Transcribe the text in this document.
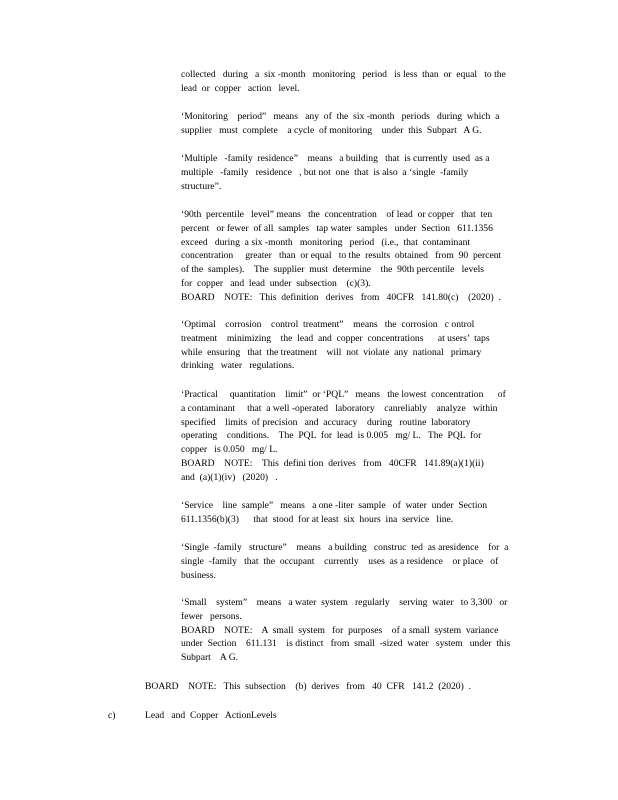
collected   during   a  six -month   monitoring   period   is less  than  or  equal   to the
lead  or  copper   action   level.
‘Monitoring    period”   means   any  of  the  six -month   periods   during  which  a
supplier   must  complete    a cycle  of monitoring    under  this  Subpart   A G.
‘Multiple   -family  residence”    means   a building   that  is currently  used  as a
multiple   -family   residence   , but not  one  that  is also  a ‘single  -family
structure”.
‘90th  percentile   level” means   the  concentration    of lead  or copper   that  ten
percent   or fewer  of all  samples   tap water  samples   under  Section   611.1356
exceed   during  a six -month   monitoring   period   (i.e.,  that  contaminant
concentration     greater   than  or equal   to the  results  obtained   from  90  percent
of the  samples).    The  supplier  must  determine    the  90th percentile   levels
for  copper   and  lead  under  subsection    (c)(3).
BOARD    NOTE:   This  definition   derives   from   40CFR   141.80(c)    (2020)  .
‘Optimal    corrosion    control  treatment”    means   the  corrosion   c ontrol
treatment    minimizing    the  lead  and  copper  concentrations      at users’  taps
while  ensuring   that  the treatment    will  not  violate  any  national   primary
drinking   water   regulations.
‘Practical     quantitation    limit”  or ‘PQL”   means   the lowest  concentration      of
a contaminant     that  a well -operated   laboratory    canreliably    analyze   within
specified    limits  of precision   and  accuracy    during   routine  laboratory
operating    conditions.    The  PQL  for  lead  is 0.005   mg/ L.   The  PQL  for
copper   is 0.050   mg/ L.
BOARD    NOTE:    This  defini tion  derives   from   40CFR   141.89(a)(1)(ii)
and  (a)(1)(iv)   (2020)   .
‘Service    line  sample”   means   a one -liter  sample   of  water  under  Section
611.1356(b)(3)      that  stood  for at least  six  hours  ina  service   line.
‘Single  -family   structure”    means   a building   construc  ted  as aresidence    for  a
single  -family   that  the  occupant    currently    uses  as a residence    or place   of
business.
‘Small    system”    means   a water  system   regularly    serving  water   to 3,300   or
fewer   persons.
BOARD    NOTE:    A  small  system   for  purposes    of a small  system  variance
under  Section    611.131    is distinct   from  small  -sized  water   system   under  this
Subpart    A G.
BOARD    NOTE:   This  subsection    (b)  derives   from   40  CFR   141.2  (2020)  .
c)	Lead   and  Copper   ActionLevels
